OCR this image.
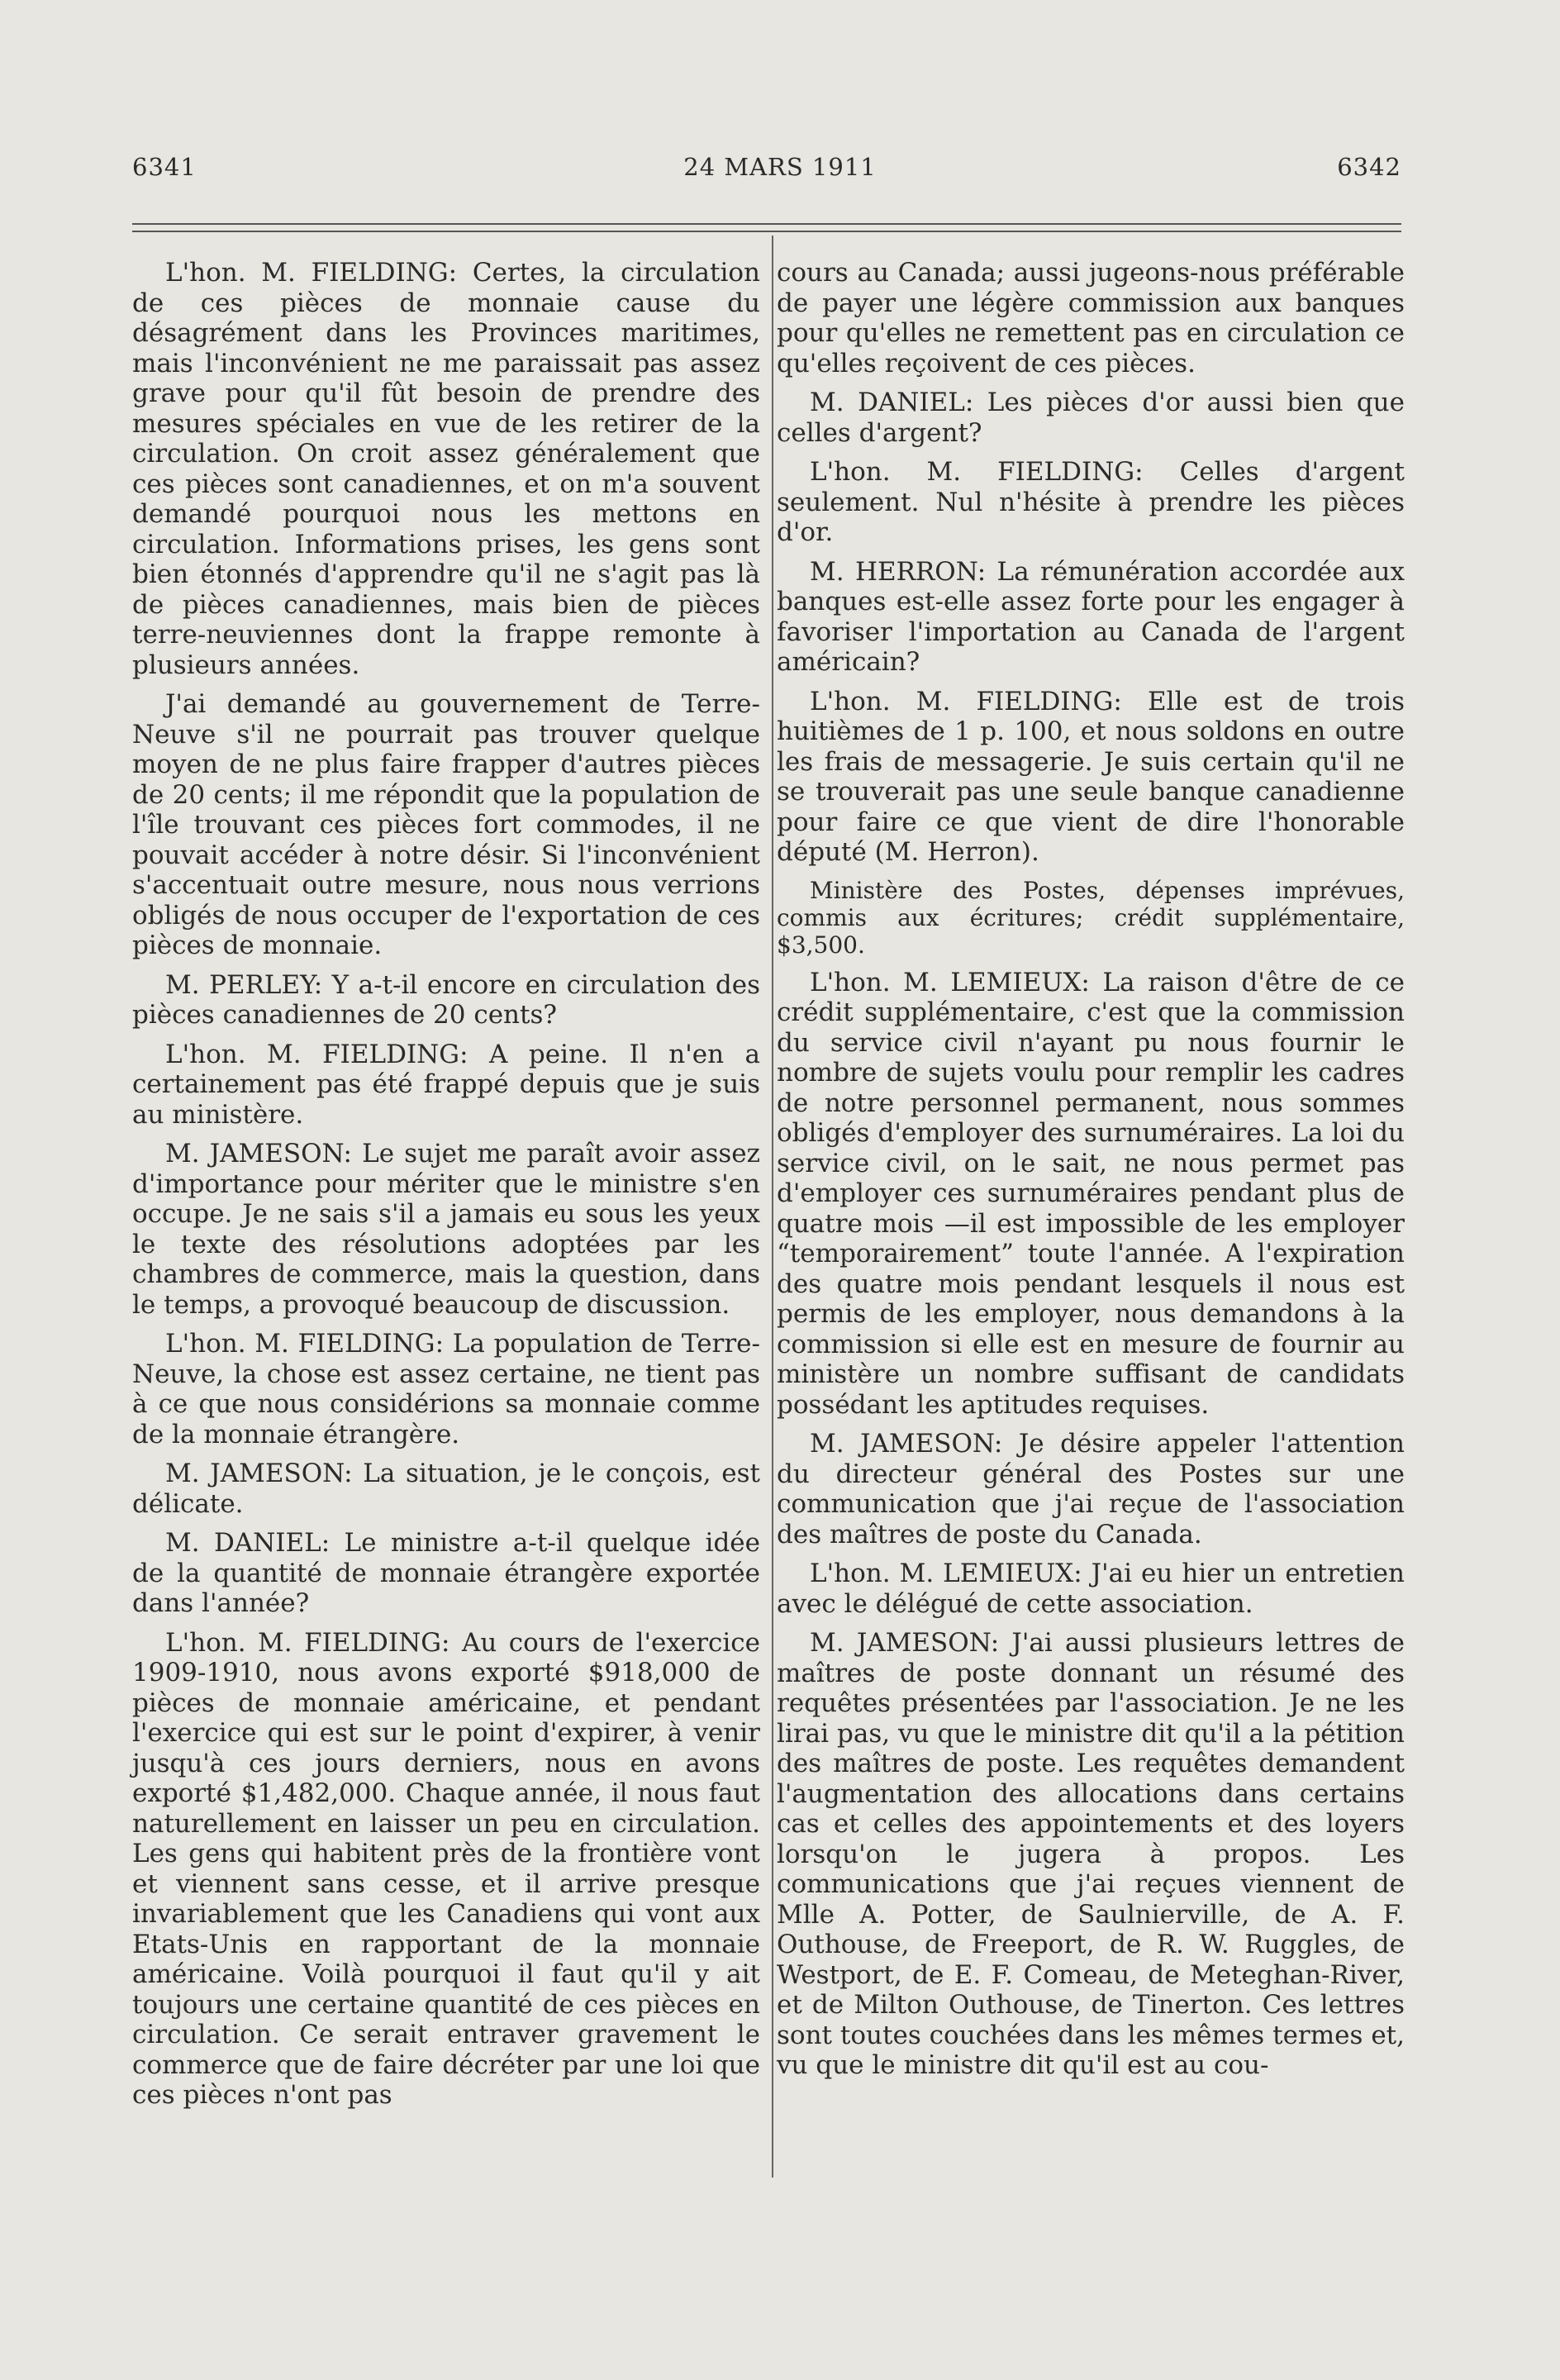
6341	24 MARS 1911	6342

L'hon. M. FIELDING: Certes, la circulation de ces pièces de monnaie cause du désagrément dans les Provinces maritimes, mais l'inconvénient ne me paraissait pas assez grave pour qu'il fût besoin de prendre des mesures spéciales en vue de les retirer de la circulation. On croit assez généralement que ces pièces sont canadiennes, et on m'a souvent demandé pourquoi nous les mettons en circulation. Informations prises, les gens sont bien étonnés d'apprendre qu'il ne s'agit pas là de pièces canadiennes, mais bien de pièces terre-neuviennes dont la frappe remonte à plusieurs années.

J'ai demandé au gouvernement de Terre-Neuve s'il ne pourrait pas trouver quelque moyen de ne plus faire frapper d'autres pièces de 20 cents; il me répondit que la population de l'île trouvant ces pièces fort commodes, il ne pouvait accéder à notre désir. Si l'inconvénient s'accentuait outre mesure, nous nous verrions obligés de nous occuper de l'exportation de ces pièces de monnaie.

M. PERLEY: Y a-t-il encore en circulation des pièces canadiennes de 20 cents?

L'hon. M. FIELDING: A peine. Il n'en a certainement pas été frappé depuis que je suis au ministère.

M. JAMESON: Le sujet me paraît avoir assez d'importance pour mériter que le ministre s'en occupe. Je ne sais s'il a jamais eu sous les yeux le texte des résolutions adoptées par les chambres de commerce, mais la question, dans le temps, a provoqué beaucoup de discussion.

L'hon. M. FIELDING: La population de Terre-Neuve, la chose est assez certaine, ne tient pas à ce que nous considérions sa monnaie comme de la monnaie étrangère.

M. JAMESON: La situation, je le conçois, est délicate.

M. DANIEL: Le ministre a-t-il quelque idée de la quantité de monnaie étrangère exportée dans l'année?

L'hon. M. FIELDING: Au cours de l'exercice 1909-1910, nous avons exporté $918,000 de pièces de monnaie américaine, et pendant l'exercice qui est sur le point d'expirer, à venir jusqu'à ces jours derniers, nous en avons exporté $1,482,000. Chaque année, il nous faut naturellement en laisser un peu en circulation. Les gens qui habitent près de la frontière vont et viennent sans cesse, et il arrive presque invariablement que les Canadiens qui vont aux Etats-Unis en rapportant de la monnaie américaine. Voilà pourquoi il faut qu'il y ait toujours une certaine quantité de ces pièces en circulation. Ce serait entraver gravement le commerce que de faire décréter par une loi que ces pièces n'ont pas

cours au Canada; aussi jugeons-nous préférable de payer une légère commission aux banques pour qu'elles ne remettent pas en circulation ce qu'elles reçoivent de ces pièces.

M. DANIEL: Les pièces d'or aussi bien que celles d'argent?

L'hon. M. FIELDING: Celles d'argent seulement. Nul n'hésite à prendre les pièces d'or.

M. HERRON: La rémunération accordée aux banques est-elle assez forte pour les engager à favoriser l'importation au Canada de l'argent américain?

L'hon. M. FIELDING: Elle est de trois huitièmes de 1 p. 100, et nous soldons en outre les frais de messagerie. Je suis certain qu'il ne se trouverait pas une seule banque canadienne pour faire ce que vient de dire l'honorable député (M. Herron).

Ministère des Postes, dépenses imprévues, commis aux écritures; crédit supplémentaire, $3,500.

L'hon. M. LEMIEUX: La raison d'être de ce crédit supplémentaire, c'est que la commission du service civil n'ayant pu nous fournir le nombre de sujets voulu pour remplir les cadres de notre personnel permanent, nous sommes obligés d'employer des surnuméraires. La loi du service civil, on le sait, ne nous permet pas d'employer ces surnuméraires pendant plus de quatre mois —il est impossible de les employer “temporairement” toute l'année. A l'expiration des quatre mois pendant lesquels il nous est permis de les employer, nous demandons à la commission si elle est en mesure de fournir au ministère un nombre suffisant de candidats possédant les aptitudes requises.

M. JAMESON: Je désire appeler l'attention du directeur général des Postes sur une communication que j'ai reçue de l'association des maîtres de poste du Canada.

L'hon. M. LEMIEUX: J'ai eu hier un entretien avec le délégué de cette association.

M. JAMESON: J'ai aussi plusieurs lettres de maîtres de poste donnant un résumé des requêtes présentées par l'association. Je ne les lirai pas, vu que le ministre dit qu'il a la pétition des maîtres de poste. Les requêtes demandent l'augmentation des allocations dans certains cas et celles des appointements et des loyers lorsqu'on le jugera à propos. Les communications que j'ai reçues viennent de Mlle A. Potter, de Saulnierville, de A. F. Outhouse, de Freeport, de R. W. Ruggles, de Westport, de E. F. Comeau, de Meteghan-River, et de Milton Outhouse, de Tinerton. Ces lettres sont toutes couchées dans les mêmes termes et, vu que le ministre dit qu'il est au cou-
